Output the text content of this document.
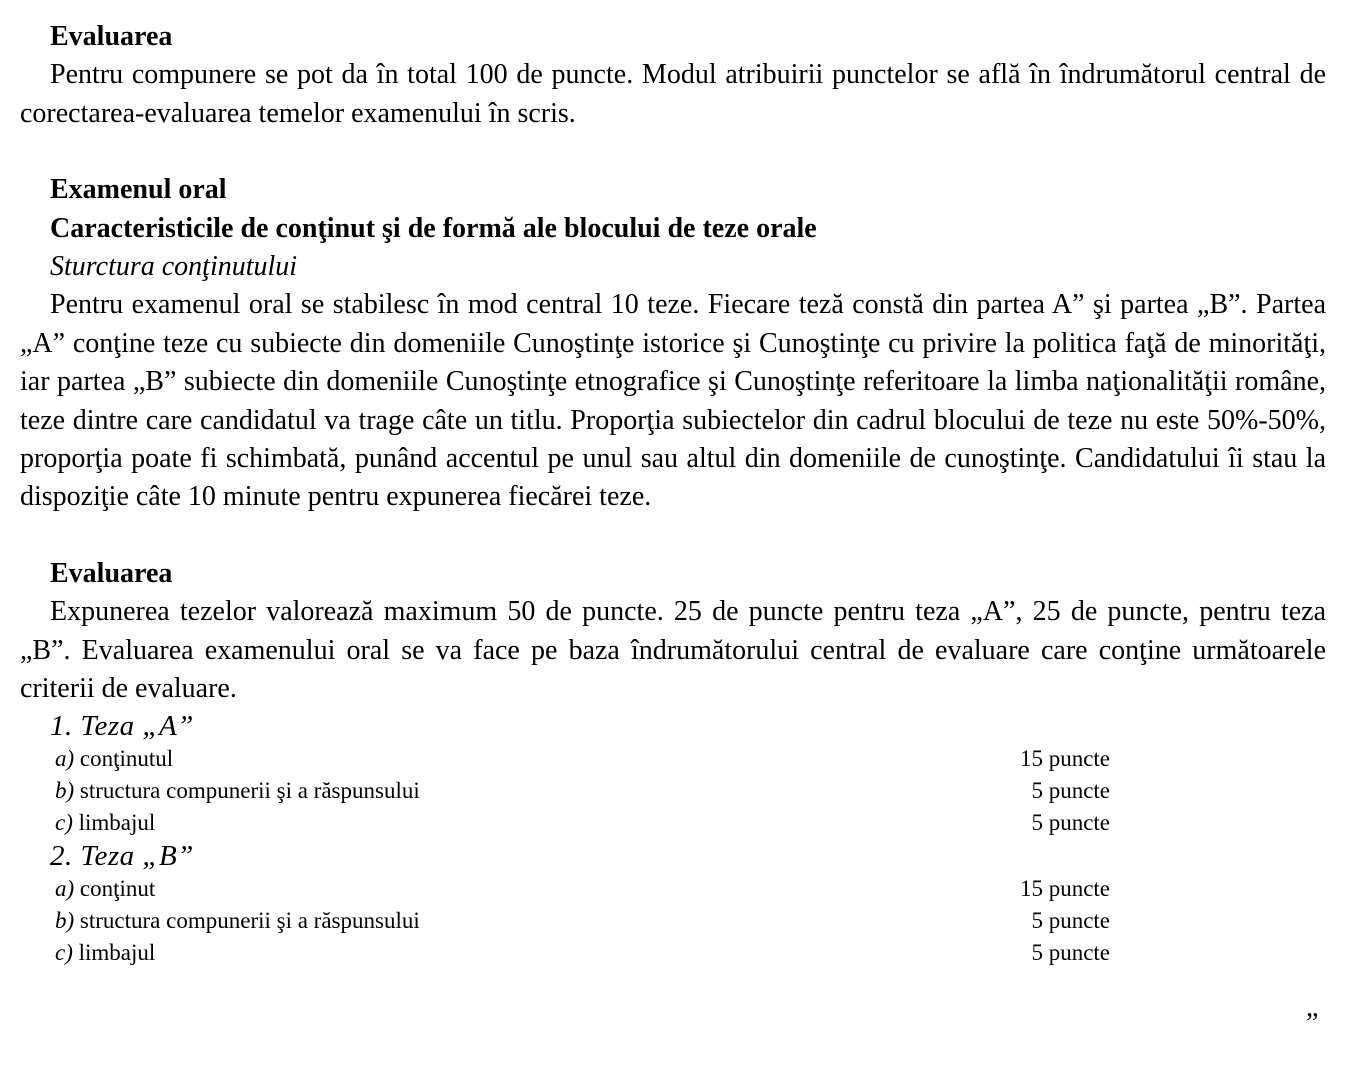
Evaluarea

Pentru compunere se pot da în total 100 de puncte. Modul atribuirii punctelor se află în îndrumătorul central de corectarea-evaluarea temelor examenului în scris.

Examenul oral

Caracteristicile de conţinut şi de formă ale blocului de teze orale

Sturctura conţinutului

Pentru examenul oral se stabilesc în mod central 10 teze. Fiecare teză constă din partea A” şi partea „B”. Partea „A” conţine teze cu subiecte din domeniile Cunoştinţe istorice şi Cunoştinţe cu privire la politica faţă de minorităţi, iar partea „B” subiecte din domeniile Cunoştinţe etnografice şi Cunoştinţe referitoare la limba naţionalităţii române, teze dintre care candidatul va trage câte un titlu. Proporţia subiectelor din cadrul blocului de teze nu este 50%-50%, proporţia poate fi schimbată, punând accentul pe unul sau altul din domeniile de cunoştinţe. Candidatului îi stau la dispoziţie câte 10 minute pentru expunerea fiecărei teze.

Evaluarea

Expunerea tezelor valorează maximum 50 de puncte. 25 de puncte pentru teza „A”, 25 de puncte, pentru teza „B”. Evaluarea examenului oral se va face pe baza îndrumătorului central de evaluare care conţine următoarele criterii de evaluare.

1. Teza „A”

a) conţinutul	15 puncte
b) structura compunerii şi a răspunsului	5 puncte
c) limbajul	5 puncte

2. Teza „B”

a) conţinut	15 puncte
b) structura compunerii şi a răspunsului	5 puncte
c) limbajul	5 puncte
”
